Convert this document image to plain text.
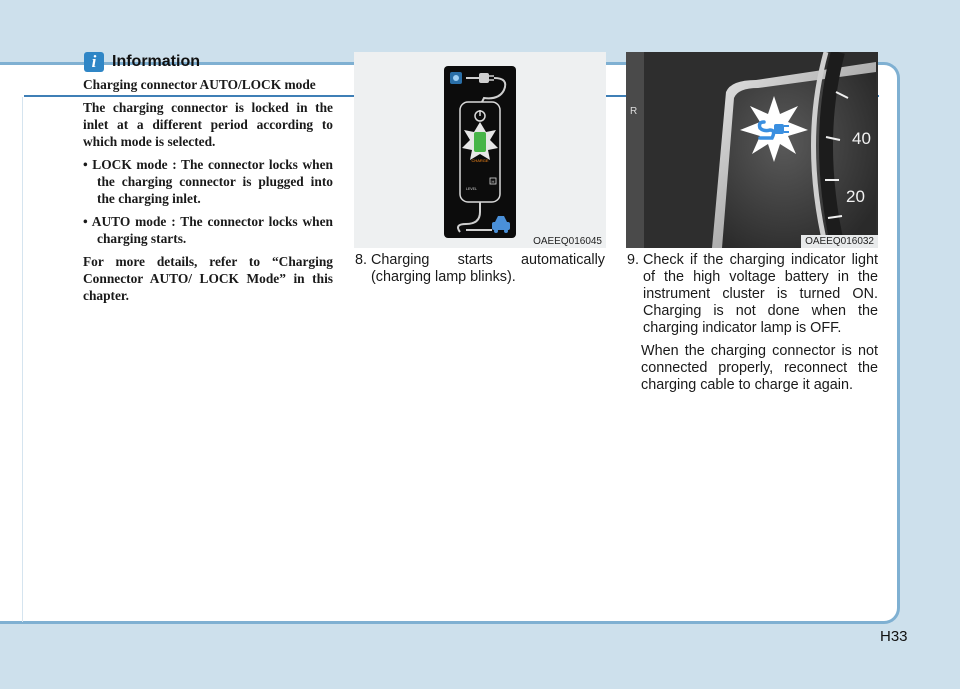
i Information

Charging connector AUTO/LOCK mode

The charging connector is locked in the inlet at a different period according to which mode is selected.

• LOCK mode : The connector locks when the charging connector is plugged into the charging inlet.

• AUTO mode : The connector locks when charging starts.

For more details, refer to “Charging Connector AUTO/ LOCK Mode” in this chapter.

CHARGE
H
LEVEL
OAEEQ016045
R
40
20
OAEEQ016032
8. Charging starts automatically (charging lamp blinks).
9. Check if the charging indicator light of the high voltage battery in the instrument cluster is turned ON. Charging is not done when the charging indicator lamp is OFF.
When the charging connector is not connected properly, reconnect the charging cable to charge it again.
H33
